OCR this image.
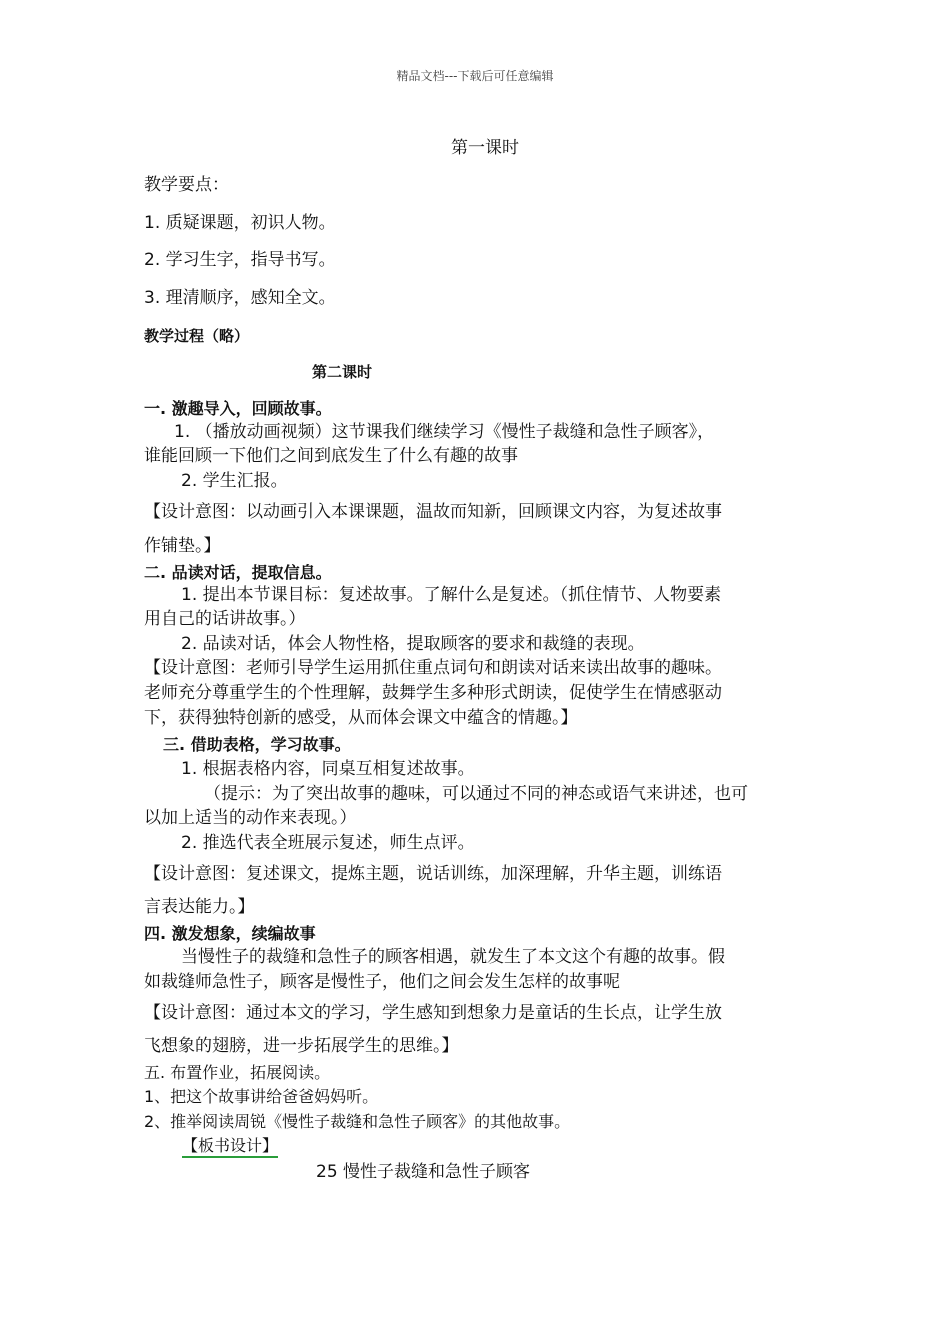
精品文档---下载后可任意编辑
第一课时
教学要点：
1. 质疑课题，初识人物。
2. 学习生字，指导书写。
3. 理清顺序，感知全文。
教学过程（略）
第二课时
一. 激趣导入，回顾故事。
1. （播放动画视频）这节课我们继续学习《慢性子裁缝和急性子顾客》，
谁能回顾一下他们之间到底发生了什么有趣的故事
2. 学生汇报。
【设计意图：以动画引入本课课题，温故而知新，回顾课文内容，为复述故事
作铺垫。】
二. 品读对话，提取信息。
1. 提出本节课目标：复述故事。了解什么是复述。（抓住情节、人物要素
用自己的话讲故事。）
2. 品读对话，体会人物性格，提取顾客的要求和裁缝的表现。
【设计意图：老师引导学生运用抓住重点词句和朗读对话来读出故事的趣味。
老师充分尊重学生的个性理解，鼓舞学生多种形式朗读，促使学生在情感驱动
下，获得独特创新的感受，从而体会课文中蕴含的情趣。】
三. 借助表格，学习故事。
1. 根据表格内容，同桌互相复述故事。
（提示：为了突出故事的趣味，可以通过不同的神态或语气来讲述，也可
以加上适当的动作来表现。）
2. 推选代表全班展示复述，师生点评。
【设计意图：复述课文，提炼主题，说话训练，加深理解，升华主题，训练语
言表达能力。】
四. 激发想象，续编故事
当慢性子的裁缝和急性子的顾客相遇，就发生了本文这个有趣的故事。假
如裁缝师急性子，顾客是慢性子，他们之间会发生怎样的故事呢
【设计意图：通过本文的学习，学生感知到想象力是童话的生长点，让学生放
飞想象的翅膀，进一步拓展学生的思维。】
五. 布置作业，拓展阅读。
1、把这个故事讲给爸爸妈妈听。
2、推举阅读周锐《慢性子裁缝和急性子顾客》的其他故事。
【板书设计】
25 慢性子裁缝和急性子顾客
